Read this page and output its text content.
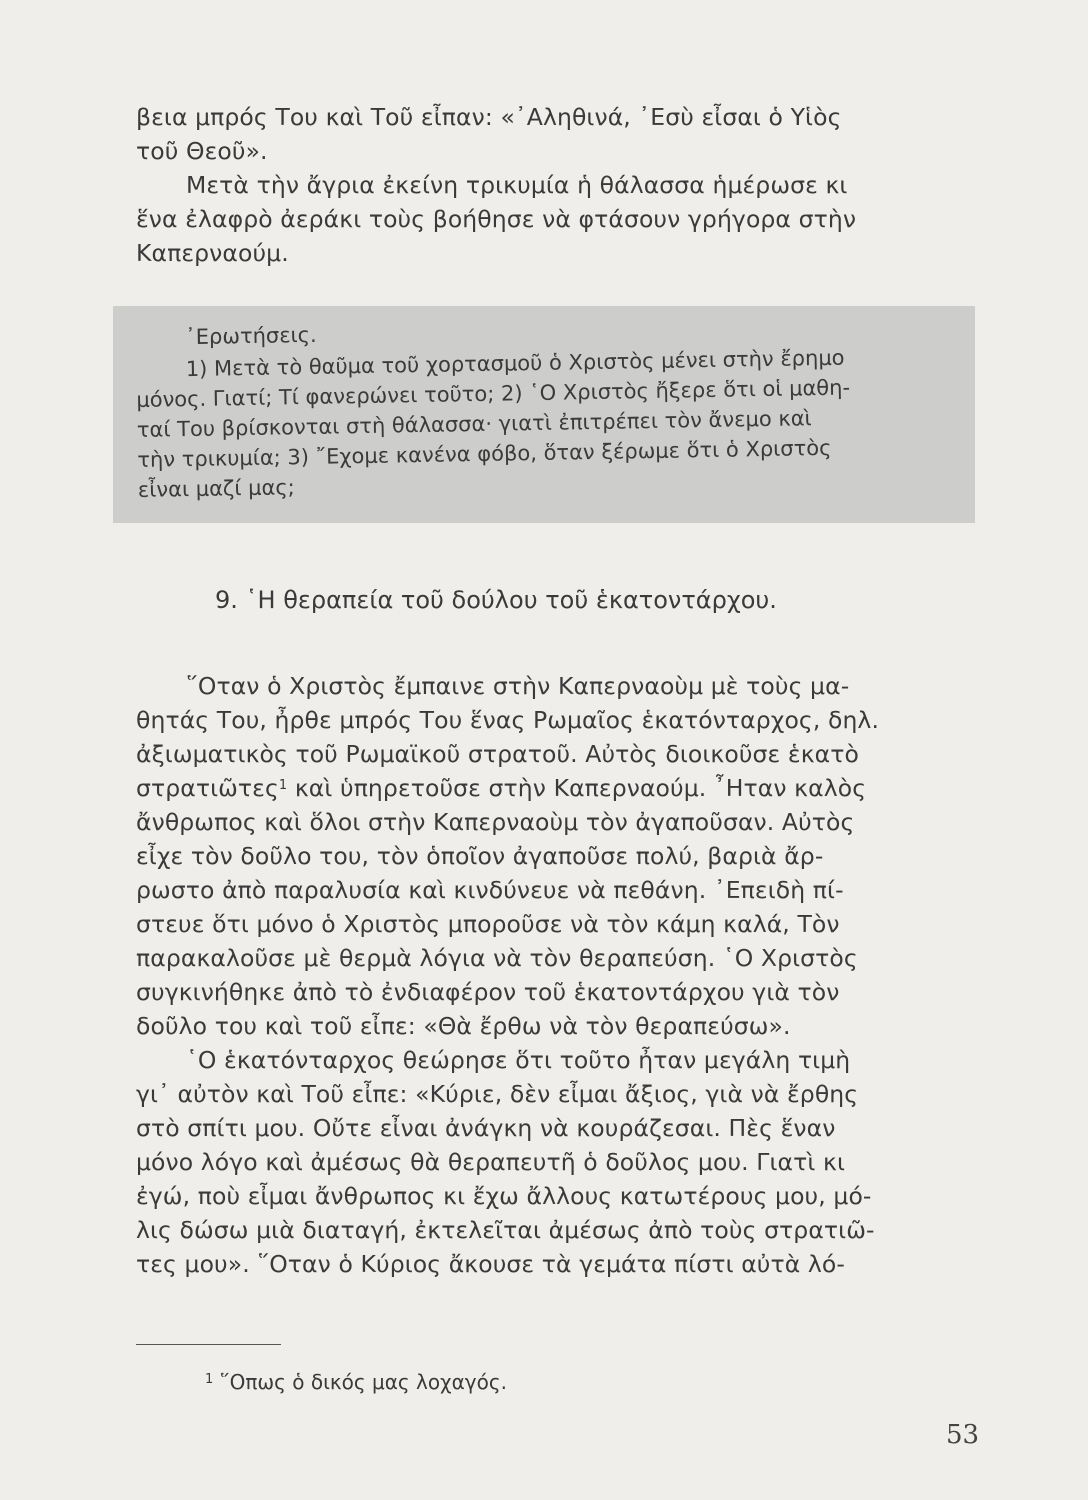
βεια μπρός Του καὶ Τοῦ εἶπαν: «᾿Αληθινά, ᾿Εσὺ εἶσαι ὁ Υἱὸς
τοῦ Θεοῦ».
Μετὰ τὴν ἄγρια ἐκείνη τρικυμία ἡ θάλασσα ἡμέρωσε κι
ἕνα ἐλαφρὸ ἀεράκι τοὺς βοήθησε νὰ φτάσουν γρήγορα στὴν
Καπερναούμ.
᾿Ερωτήσεις.
1) Μετὰ τὸ θαῦμα τοῦ χορτασμοῦ ὁ Χριστὸς μένει στὴν ἔρημο
μόνος. Γιατί; Τί φανερώνει τοῦτο; 2) ῾Ο Χριστὸς ἤξερε ὅτι οἱ μαθη-
ταί Του βρίσκονται στὴ θάλασσα· γιατὶ ἐπιτρέπει τὸν ἄνεμο καὶ
τὴν τρικυμία; 3) ῎Εχομε κανένα φόβο, ὅταν ξέρωμε ὅτι ὁ Χριστὸς
εἶναι μαζί μας;
9. ῾Η θεραπεία τοῦ δούλου τοῦ ἑκατοντάρχου.
῞Οταν ὁ Χριστὸς ἔμπαινε στὴν Καπερναοὺμ μὲ τοὺς μα-
θητάς Του, ἦρθε μπρός Του ἕνας Ρωμαῖος ἑκατόνταρχος, δηλ.
ἀξιωματικὸς τοῦ Ρωμαϊκοῦ στρατοῦ. Αὐτὸς διοικοῦσε ἑκατὸ
στρατιῶτες$^1$ καὶ ὑπηρετοῦσε στὴν Καπερναούμ. ῏Ηταν καλὸς
ἄνθρωπος καὶ ὅλοι στὴν Καπερναοὺμ τὸν ἀγαποῦσαν. Αὐτὸς
εἶχε τὸν δοῦλο του, τὸν ὁποῖον ἀγαποῦσε πολύ, βαριὰ ἄρ-
ρωστο ἀπὸ παραλυσία καὶ κινδύνευε νὰ πεθάνη. ᾿Επειδὴ πί-
στευε ὅτι μόνο ὁ Χριστὸς μποροῦσε νὰ τὸν κάμη καλά, Τὸν
παρακαλοῦσε μὲ θερμὰ λόγια νὰ τὸν θεραπεύση. ῾Ο Χριστὸς
συγκινήθηκε ἀπὸ τὸ ἐνδιαφέρον τοῦ ἑκατοντάρχου γιὰ τὸν
δοῦλο του καὶ τοῦ εἶπε: «Θὰ ἔρθω νὰ τὸν θεραπεύσω».
῾Ο ἑκατόνταρχος θεώρησε ὅτι τοῦτο ἦταν μεγάλη τιμὴ
γι᾿ αὐτὸν καὶ Τοῦ εἶπε: «Κύριε, δὲν εἶμαι ἄξιος, γιὰ νὰ ἔρθης
στὸ σπίτι μου. Οὔτε εἶναι ἀνάγκη νὰ κουράζεσαι. Πὲς ἕναν
μόνο λόγο καὶ ἀμέσως θὰ θεραπευτῆ ὁ δοῦλος μου. Γιατὶ κι
ἐγώ, ποὺ εἶμαι ἄνθρωπος κι ἔχω ἄλλους κατωτέρους μου, μό-
λις δώσω μιὰ διαταγή, ἐκτελεῖται ἀμέσως ἀπὸ τοὺς στρατιῶ-
τες μου». ῞Οταν ὁ Κύριος ἄκουσε τὰ γεμάτα πίστι αὐτὰ λό-
$^1$ ῞Οπως ὁ δικός μας λοχαγός.
53
